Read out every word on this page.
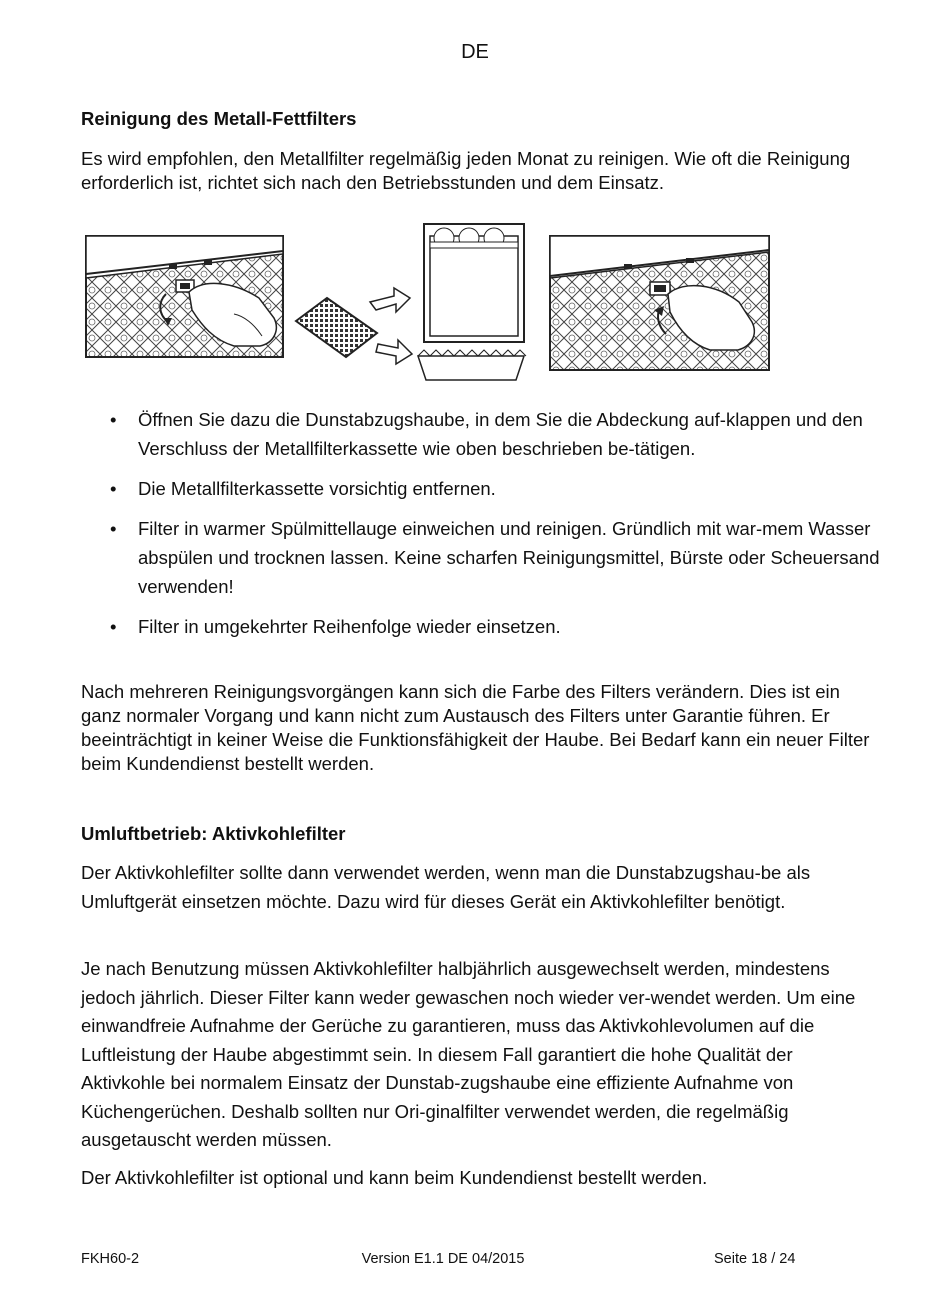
DE
Reinigung des Metall-Fettfilters
Es wird empfohlen, den Metallfilter regelmäßig jeden Monat zu reinigen. Wie oft die Reinigung erforderlich ist, richtet sich nach den Betriebsstunden und dem Einsatz.
• Öffnen Sie dazu die Dunstabzugshaube, in dem Sie die Abdeckung auf-klappen und den Verschluss der Metallfilterkassette wie oben beschrieben be-tätigen.
• Die Metallfilterkassette vorsichtig entfernen.
• Filter in warmer Spülmittellauge einweichen und reinigen. Gründlich mit war-mem Wasser abspülen und trocknen lassen. Keine scharfen Reinigungsmittel, Bürste oder Scheuersand verwenden!
• Filter in umgekehrter Reihenfolge wieder einsetzen.
Nach mehreren Reinigungsvorgängen kann sich die Farbe des Filters verändern. Dies ist ein ganz normaler Vorgang und kann nicht zum Austausch des Filters unter Garantie führen. Er beeinträchtigt in keiner Weise die Funktionsfähigkeit der Haube. Bei Bedarf kann ein neuer Filter beim Kundendienst bestellt werden.
Umluftbetrieb: Aktivkohlefilter
Der Aktivkohlefilter sollte dann verwendet werden, wenn man die Dunstabzugshau-be als Umluftgerät einsetzen möchte. Dazu wird für dieses Gerät ein Aktivkohlefilter benötigt.
Je nach Benutzung müssen Aktivkohlefilter halbjährlich ausgewechselt werden, mindestens jedoch jährlich. Dieser Filter kann weder gewaschen noch wieder ver-wendet werden. Um eine einwandfreie Aufnahme der Gerüche zu garantieren, muss das Aktivkohlevolumen auf die Luftleistung der Haube abgestimmt sein. In diesem Fall garantiert die hohe Qualität der Aktivkohle bei normalem Einsatz der Dunstab-zugshaube eine effiziente Aufnahme von Küchengerüchen. Deshalb sollten nur Ori-ginalfilter verwendet werden, die regelmäßig ausgetauscht werden müssen.
Der Aktivkohlefilter ist optional und kann beim Kundendienst bestellt werden.
FKH60-2	Version E1.1 DE 04/2015	Seite 18 / 24
